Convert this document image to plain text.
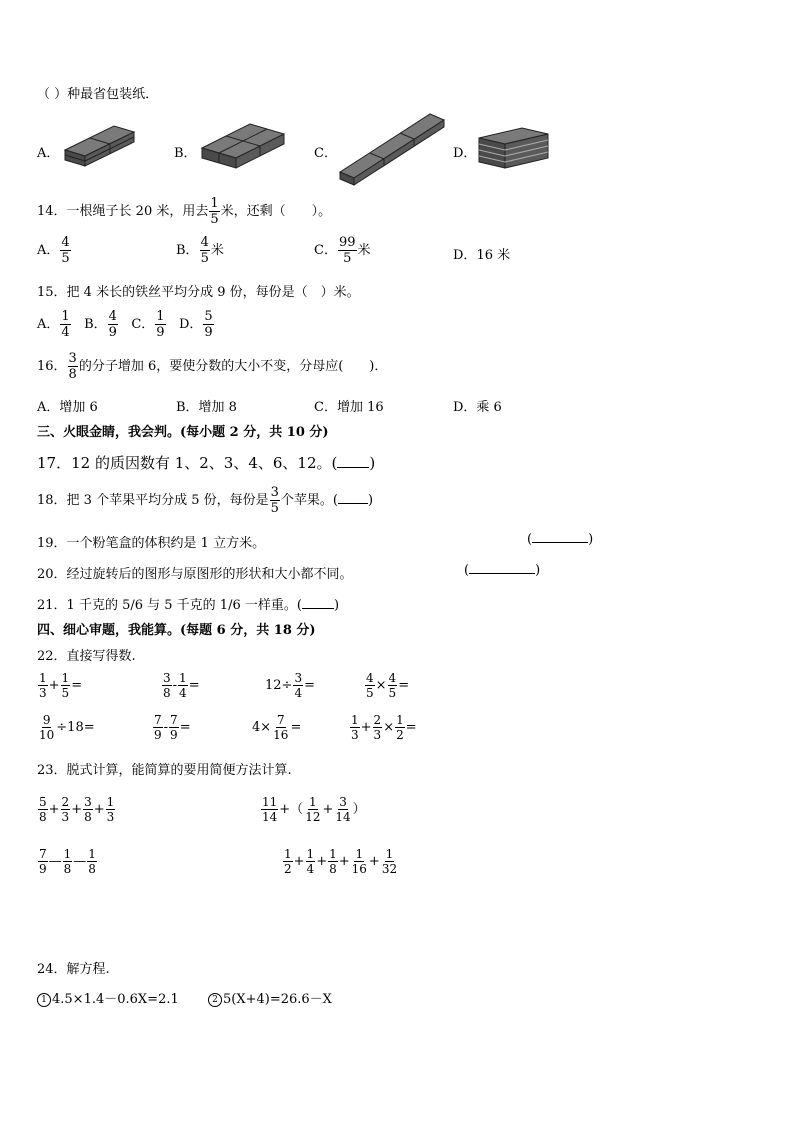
（ ）种最省包装纸．
A．	B．	C．	D．
14．一根绳子长 20 米，用去 $\frac{1}{5}$ 米，还剩（　　）。
A． $\frac{4}{5}$	B． $\frac{4}{5}$ 米	C． $\frac{99}{5}$ 米	D．16 米
15．把 4 米长的铁丝平均分成 9 份，每份是（　）米。
A． $\frac{1}{4}$ B． $\frac{4}{9}$ C． $\frac{1}{9}$ D． $\frac{5}{9}$
16． $\frac{3}{8}$ 的分子增加 6，要使分数的大小不变，分母应(　　)．
A．增加 6	B．增加 8	C．增加 16	D．乘 6
三、火眼金睛，我会判。(每小题 2 分，共 10 分)
17．12 的质因数有 1、2、3、4、6、12。( )
18．把 3 个苹果平均分成 5 份，每份是 $\frac{3}{5}$ 个苹果。( )
19．一个粉笔盒的体积约是 1 立方米。	(	)
20．经过旋转后的图形与原图形的形状和大小都不同。	(	)
21．1 千克的 5/6 与 5 千克的 1/6 一样重。( )
四、细心审题，我能算。(每题 6 分，共 18 分)
22．直接写得数.
$\frac{1}{3} + \frac{1}{5}$ =	$\frac{3}{8} - \frac{1}{4}$ =	$12\div \frac{3}{4}$ =	$\frac{4}{5} \times \frac{4}{5}$ =
$\frac{9}{10} \div 18=$	$\frac{7}{9} - \frac{7}{9}$ =	$4\times \frac{7}{16}$ =	$\frac{1}{3} + \frac{2}{3} \times \frac{1}{2}$ =
23．脱式计算，能简算的要用简便方法计算.
$\frac{5}{8} + \frac{2}{3} + \frac{3}{8} + \frac{1}{3}$	$\frac{11}{14}$ +（ $\frac{1}{12} + \frac{3}{14}$ ）
$\frac{7}{9}$ — $\frac{1}{8}$ — $\frac{1}{8}$	$\frac{1}{2} + \frac{1}{4} + \frac{1}{8} + \frac{1}{16} + \frac{1}{32}$
24．解方程.
1 4.5×1.4－0.6X=2.1	2 5(X+4)=26.6－X
